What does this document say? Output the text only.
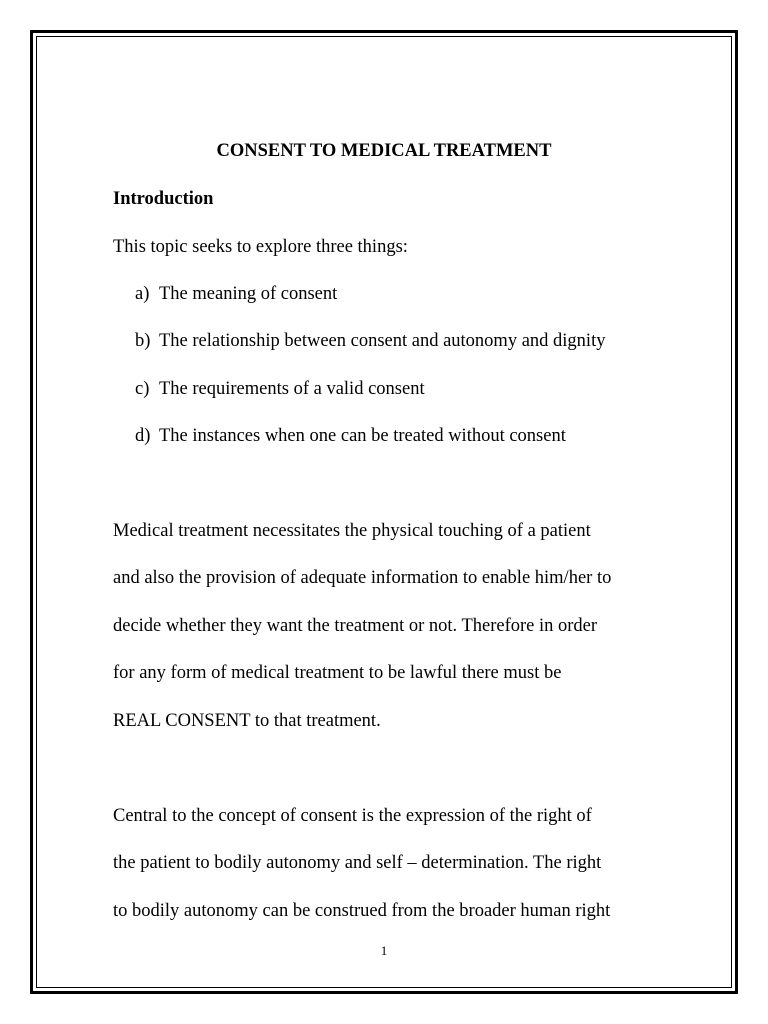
CONSENT TO MEDICAL TREATMENT
Introduction

This topic seeks to explore three things:

a) The meaning of consent

b) The relationship between consent and autonomy and dignity

c) The requirements of a valid consent

d) The instances when one can be treated without consent

Medical treatment necessitates the physical touching of a patient

and also the provision of adequate information to enable him/her to

decide whether they want the treatment or not. Therefore in order

for any form of medical treatment to be lawful there must be

REAL CONSENT to that treatment.

Central to the concept of consent is the expression of the right of

the patient to bodily autonomy and self – determination. The right

to bodily autonomy can be construed from the broader human right

1
